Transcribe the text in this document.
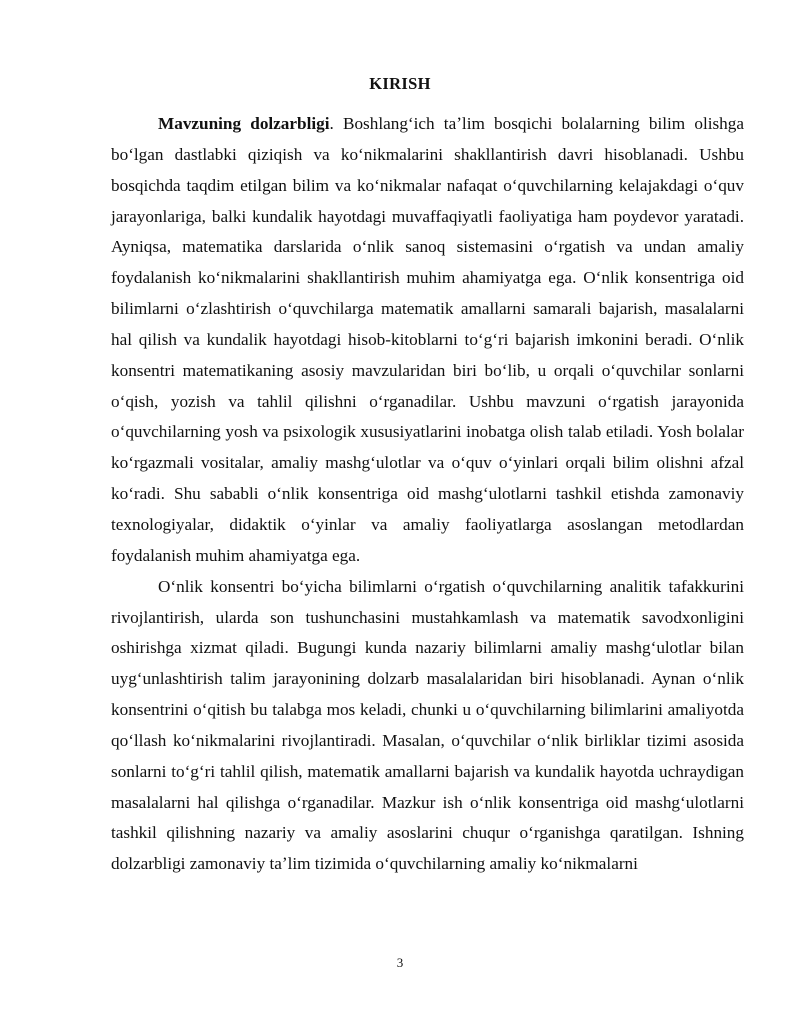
KIRISH

Mavzuning dolzarbligi. Boshlangʻich taʼlim bosqichi bolalarning bilim olishga boʻlgan dastlabki qiziqish va koʻnikmalarini shakllantirish davri hisoblanadi. Ushbu bosqichda taqdim etilgan bilim va koʻnikmalar nafaqat oʻquvchilarning kelajakdagi oʻquv jarayonlariga, balki kundalik hayotdagi muvaffaqiyatli faoliyatiga ham poydevor yaratadi. Ayniqsa, matematika darslarida oʻnlik sanoq sistemasini oʻrgatish va undan amaliy foydalanish koʻnikmalarini shakllantirish muhim ahamiyatga ega. Oʻnlik konsentriga oid bilimlarni oʻzlashtirish oʻquvchilarga matematik amallarni samarali bajarish, masalalarni hal qilish va kundalik hayotdagi hisob-kitoblarni toʻgʻri bajarish imkonini beradi. Oʻnlik konsentri matematikaning asosiy mavzularidan biri boʻlib, u orqali oʻquvchilar sonlarni oʻqish, yozish va tahlil qilishni oʻrganadilar. Ushbu mavzuni oʻrgatish jarayonida oʻquvchilarning yosh va psixologik xususiyatlarini inobatga olish talab etiladi. Yosh bolalar koʻrgazmali vositalar, amaliy mashgʻulotlar va oʻquv oʻyinlari orqali bilim olishni afzal koʻradi. Shu sababli oʻnlik konsentriga oid mashgʻulotlarni tashkil etishda zamonaviy texnologiyalar, didaktik oʻyinlar va amaliy faoliyatlarga asoslangan metodlardan foydalanish muhim ahamiyatga ega.

Oʻnlik konsentri boʻyicha bilimlarni oʻrgatish oʻquvchilarning analitik tafakkurini rivojlantirish, ularda son tushunchasini mustahkamlash va matematik savodxonligini oshirishga xizmat qiladi. Bugungi kunda nazariy bilimlarni amaliy mashgʻulotlar bilan uygʻunlashtirish talim jarayonining dolzarb masalalaridan biri hisoblanadi. Aynan oʻnlik konsentrini oʻqitish bu talabga mos keladi, chunki u oʻquvchilarning bilimlarini amaliyotda qoʻllash koʻnikmalarini rivojlantiradi. Masalan, oʻquvchilar oʻnlik birliklar tizimi asosida sonlarni toʻgʻri tahlil qilish, matematik amallarni bajarish va kundalik hayotda uchraydigan masalalarni hal qilishga oʻrganadilar. Mazkur ish oʻnlik konsentriga oid mashgʻulotlarni tashkil qilishning nazariy va amaliy asoslarini chuqur oʻrganishga qaratilgan. Ishning dolzarbligi zamonaviy taʼlim tizimida oʻquvchilarning amaliy koʻnikmalarni

3
